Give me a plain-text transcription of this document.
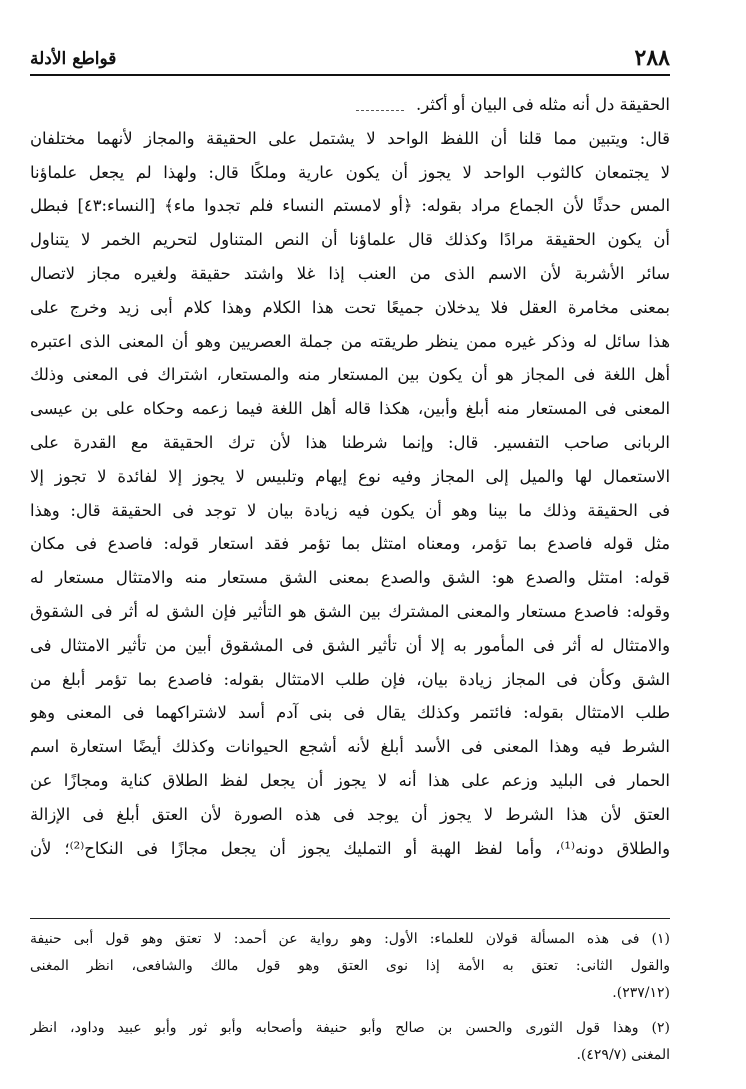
٢٨٨
قواطع الأدلة
الحقيقة دل أنه مثله فى البيان أو أكثر.
قال: ويتبين مما قلنا أن اللفظ الواحد لا يشتمل على الحقيقة والمجاز لأنهما مختلفان
لا يجتمعان كالثوب الواحد لا يجوز أن يكون عارية وملكًا قال: ولهذا لم يجعل علماؤنا
المس حدثًا لأن الجماع مراد بقوله: ﴿أو لامستم النساء فلم تجدوا ماء﴾ [النساء:٤٣] فبطل
أن يكون الحقيقة مرادًا وكذلك قال علماؤنا أن النص المتناول لتحريم الخمر لا يتناول
سائر الأشربة لأن الاسم الذى من العنب إذا غلا واشتد حقيقة ولغيره مجاز لاتصال
بمعنى مخامرة العقل فلا يدخلان جميعًا تحت هذا الكلام وهذا كلام أبى زيد وخرج على
هذا سائل له وذكر غيره ممن ينظر طريقته من جملة العصريين وهو أن المعنى الذى اعتبره
أهل اللغة فى المجاز هو أن يكون بين المستعار منه والمستعار، اشتراك فى المعنى وذلك
المعنى فى المستعار منه أبلغ وأبين، هكذا قاله أهل اللغة فيما زعمه وحكاه على بن عيسى
الربانى صاحب التفسير. قال: وإنما شرطنا هذا لأن ترك الحقيقة مع القدرة على
الاستعمال لها والميل إلى المجاز وفيه نوع إيهام وتلبيس لا يجوز إلا لفائدة لا تجوز إلا
فى الحقيقة وذلك ما بينا وهو أن يكون فيه زيادة بيان لا توجد فى الحقيقة قال: وهذا
مثل قوله فاصدع بما تؤمر، ومعناه امتثل بما تؤمر فقد استعار قوله: فاصدع فى مكان
قوله: امتثل والصدع هو: الشق والصدع بمعنى الشق مستعار منه والامتثال مستعار له
وقوله: فاصدع مستعار والمعنى المشترك بين الشق هو التأثير فإن الشق له أثر فى الشقوق
والامتثال له أثر فى المأمور به إلا أن تأثير الشق فى المشقوق أبين من تأثير الامتثال فى
الشق وكأن فى المجاز زيادة بيان، فإن طلب الامتثال بقوله: فاصدع بما تؤمر أبلغ من
طلب الامتثال بقوله: فائتمر وكذلك يقال فى بنى آدم أسد لاشتراكهما فى المعنى وهو
الشرط فيه وهذا المعنى فى الأسد أبلغ لأنه أشجع الحيوانات وكذلك أيضًا استعارة اسم
الحمار فى البليد وزعم على هذا أنه لا يجوز أن يجعل لفظ الطلاق كناية ومجازًا عن
العتق لأن هذا الشرط لا يجوز أن يوجد فى هذه الصورة لأن العتق أبلغ فى الإزالة
والطلاق دونه⁽¹⁾، وأما لفظ الهبة أو التمليك يجوز أن يجعل مجازًا فى النكاح⁽²⁾؛ لأن
(١) فى هذه المسألة قولان للعلماء: الأول: وهو رواية عن أحمد: لا تعتق وهو قول أبى حنيفة
والقول الثانى: تعتق به الأمة إذا نوى العتق وهو قول مالك والشافعى، انظر المغنى
(٢٣٧/١٢).
(٢) وهذا قول الثورى والحسن بن صالح وأبو حنيفة وأصحابه وأبو ثور وأبو عبيد وداود، انظر
المغنى (٤٢٩/٧).
